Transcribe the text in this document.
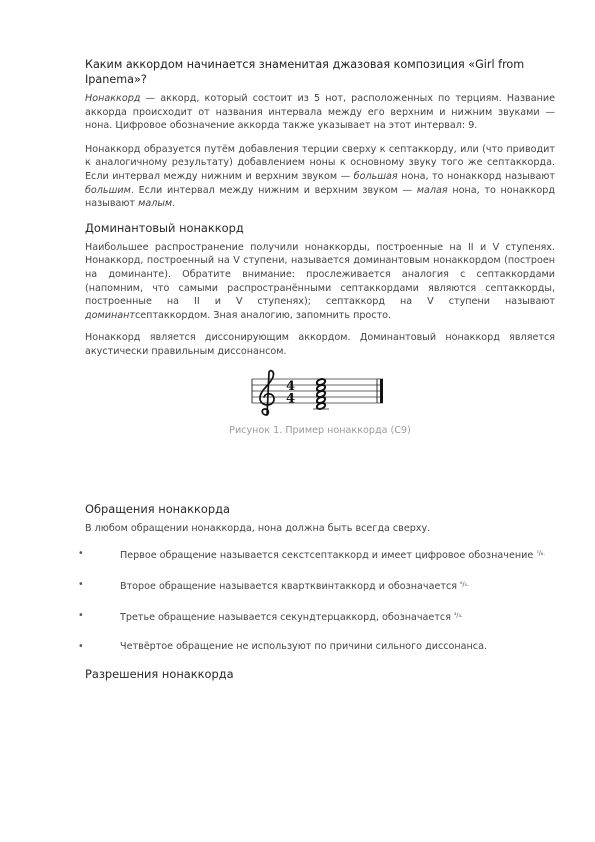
Каким аккордом начинается знаменитая джазовая композиция «Girl from Ipanema»?

Нонаккорд — аккорд, который состоит из 5 нот, расположенных по терциям. Название аккорда происходит от названия интервала между его верхним и нижним звуками — нона. Цифровое обозначение аккорда также указывает на этот интервал: 9.

Нонаккорд образуется путём добавления терции сверху к септаккорду, или (что приводит к аналогичному результату) добавлением ноны к основному звуку того же септаккорда. Если интервал между нижним и верхним звуком — большая нона, то нонаккорд называют большим. Если интервал между нижним и верхним звуком — малая нона, то нонаккорд называют малым.

Доминантовый нонаккорд

Наибольшее распространение получили нонаккорды, построенные на II и V ступенях. Нонаккорд, построенный на V ступени, называется доминантовым нонаккордом (построен на доминанте). Обратите внимание: прослеживается аналогия с септаккордами (напомним, что самыми распространёнными септаккордами являются септаккорды, построенные на II и V ступенях); септаккорд на V ступени называют доминантсептаккордом. Зная аналогию, запомнить просто.

Нонаккорд является диссонирующим аккордом. Доминантовый нонаккорд является акустически правильным диссонансом.

4
4
Рисунок 1. Пример нонаккорда (C9)
Обращения нонаккорда

В любом обращении нонаккорда, нона должна быть всегда сверху.

• Первое обращение называется секстсептаккорд и имеет цифровое обозначение $^{^7/_6.}$
• Второе обращение называется квартквинтаккорд и обозначается $^{^6/_5.}$
• Третье обращение называется секундтерцаккорд, обозначается $^{^4/_3.}$
• Четвёртое обращение не используют по причини сильного диссонанса.
Разрешения нонаккорда
